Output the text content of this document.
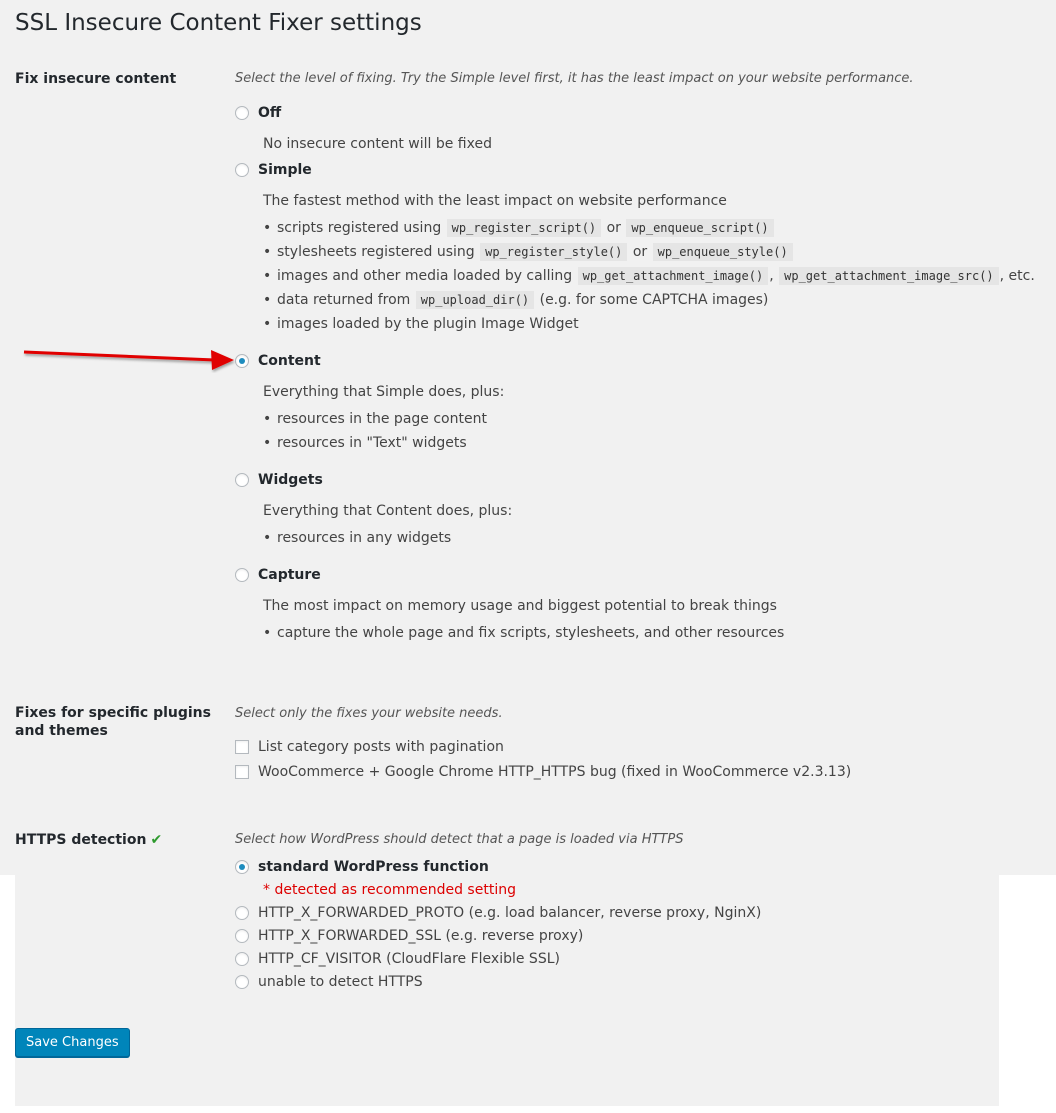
SSL Insecure Content Fixer settings
Fix insecure content	Select the level of fixing. Try the Simple level first, it has the least impact on your website performance.
Off
No insecure content will be fixed
Simple
The fastest method with the least impact on website performance
• scripts registered using wp_register_script() or wp_enqueue_script()
• stylesheets registered using wp_register_style() or wp_enqueue_style()
• images and other media loaded by calling wp_get_attachment_image() , wp_get_attachment_image_src() , etc.
• data returned from wp_upload_dir() (e.g. for some CAPTCHA images)
• images loaded by the plugin Image Widget
Content
Everything that Simple does, plus:
• resources in the page content
• resources in "Text" widgets
Widgets
Everything that Content does, plus:
• resources in any widgets
Capture
The most impact on memory usage and biggest potential to break things
• capture the whole page and fix scripts, stylesheets, and other resources
Fixes for specific plugins and themes
Select only the fixes your website needs.
List category posts with pagination
WooCommerce + Google Chrome HTTP_HTTPS bug (fixed in WooCommerce v2.3.13)
HTTPS detection ✔	Select how WordPress should detect that a page is loaded via HTTPS
standard WordPress function
* detected as recommended setting
HTTP_X_FORWARDED_PROTO (e.g. load balancer, reverse proxy, NginX)
HTTP_X_FORWARDED_SSL (e.g. reverse proxy)
HTTP_CF_VISITOR (CloudFlare Flexible SSL)
unable to detect HTTPS
Save Changes
